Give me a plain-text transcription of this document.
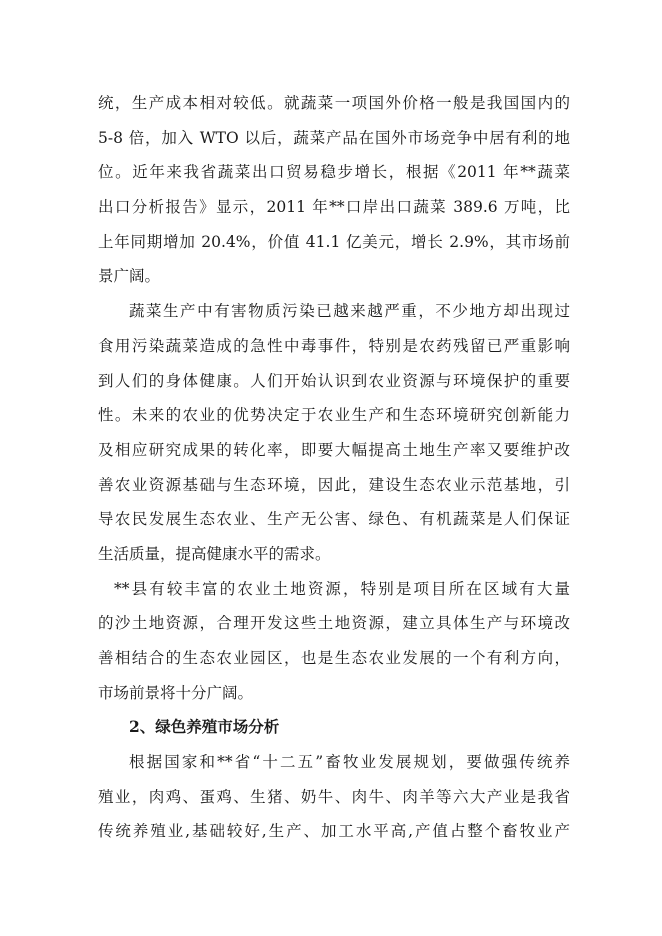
统，生产成本相对较低。就蔬菜一项国外价格一般是我国国内的
5-8 倍，加入 WTO 以后，蔬菜产品在国外市场竞争中居有利的地
位。近年来我省蔬菜出口贸易稳步增长，根据《2011 年**蔬菜
出口分析报告》显示，2011 年**口岸出口蔬菜 389.6 万吨，比
上年同期增加 20.4%，价值 41.1 亿美元，增长 2.9%，其市场前
景广阔。
蔬菜生产中有害物质污染已越来越严重，不少地方却出现过
食用污染蔬菜造成的急性中毒事件，特别是农药残留已严重影响
到人们的身体健康。人们开始认识到农业资源与环境保护的重要
性。未来的农业的优势决定于农业生产和生态环境研究创新能力
及相应研究成果的转化率，即要大幅提高土地生产率又要维护改
善农业资源基础与生态环境，因此，建设生态农业示范基地，引
导农民发展生态农业、生产无公害、绿色、有机蔬菜是人们保证
生活质量，提高健康水平的需求。
**县有较丰富的农业土地资源，特别是项目所在区域有大量
的沙土地资源，合理开发这些土地资源，建立具体生产与环境改
善相结合的生态农业园区，也是生态农业发展的一个有利方向，
市场前景将十分广阔。
2、绿色养殖市场分析
根据国家和**省“十二五”畜牧业发展规划，要做强传统养
殖业，肉鸡、蛋鸡、生猪、奶牛、肉牛、肉羊等六大产业是我省
传统养殖业,基础较好,生产、加工水平高,产值占整个畜牧业产
